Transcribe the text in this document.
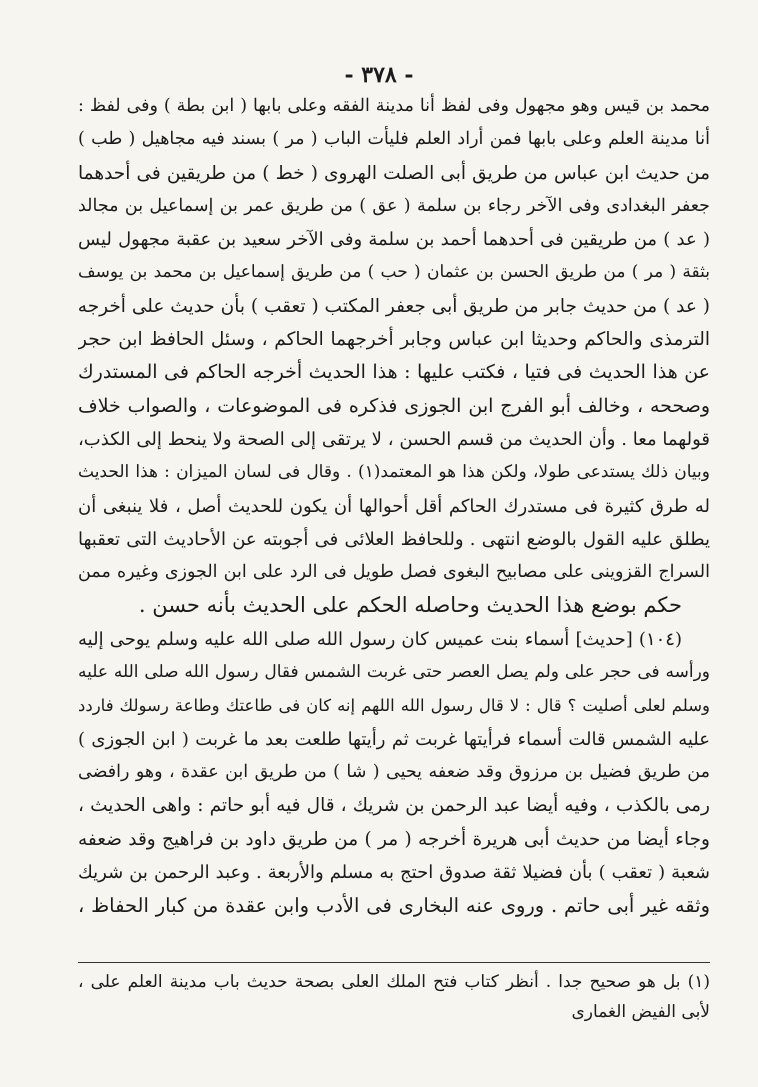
- ٣٧٨ -
محمد بن قيس وهو مجهول وفى لفظ أنا مدينة الفقه وعلى بابها ( ابن بطة ) وفى لفظ :
أنا مدينة العلم وعلى بابها فمن أراد العلم فليأت الباب ( مر ) بسند فيه مجاهيل ( طب )
من حديث ابن عباس من طريق أبى الصلت الهروى ( خط ) من طريقين فى أحدهما
جعفر البغدادى وفى الآخر رجاء بن سلمة ( عق ) من طريق عمر بن إسماعيل بن مجالد
( عد ) من طريقين فى أحدهما أحمد بن سلمة وفى الآخر سعيد بن عقبة مجهول ليس
بثقة ( مر ) من طريق الحسن بن عثمان ( حب ) من طريق إسماعيل بن محمد بن يوسف
( عد ) من حديث جابر من طريق أبى جعفر المكتب ( تعقب ) بأن حديث على أخرجه
الترمذى والحاكم وحديثا ابن عباس وجابر أخرجهما الحاكم ، وسئل الحافظ ابن حجر
عن هذا الحديث فى فتيا ، فكتب عليها : هذا الحديث أخرجه الحاكم فى المستدرك
وصححه ، وخالف أبو الفرج ابن الجوزى فذكره فى الموضوعات ، والصواب خلاف
قولهما معا . وأن الحديث من قسم الحسن ، لا يرتقى إلى الصحة ولا ينحط إلى الكذب،
وبيان ذلك يستدعى طولا، ولكن هذا هو المعتمد(١) . وقال فى لسان الميزان : هذا الحديث
له طرق كثيرة فى مستدرك الحاكم أقل أحوالها أن يكون للحديث أصل ، فلا ينبغى أن
يطلق عليه القول بالوضع انتهى . وللحافظ العلائى فى أجوبته عن الأحاديث التى تعقبها
السراج القزوينى على مصابيح البغوى فصل طويل فى الرد على ابن الجوزى وغيره ممن
حكم بوضع هذا الحديث وحاصله الحكم على الحديث بأنه حسن .
(١٠٤) [حديث] أسماء بنت عميس كان رسول الله صلى الله عليه وسلم يوحى إليه
ورأسه فى حجر على ولم يصل العصر حتى غربت الشمس فقال رسول الله صلى الله عليه
وسلم لعلى أصليت ؟ قال : لا قال رسول الله اللهم إنه كان فى طاعتك وطاعة رسولك فاردد
عليه الشمس قالت أسماء فرأيتها غربت ثم رأيتها طلعت بعد ما غربت ( ابن الجوزى )
من طريق فضيل بن مرزوق وقد ضعفه يحيى ( شا ) من طريق ابن عقدة ، وهو رافضى
رمى بالكذب ، وفيه أيضا عبد الرحمن بن شريك ، قال فيه أبو حاتم : واهى الحديث ،
وجاء أيضا من حديث أبى هريرة أخرجه ( مر ) من طريق داود بن فراهيج وقد ضعفه
شعبة ( تعقب ) بأن فضيلا ثقة صدوق احتج به مسلم والأربعة . وعبد الرحمن بن شريك
وثقه غير أبى حاتم . وروى عنه البخارى فى الأدب وابن عقدة من كبار الحفاظ ،
(١) بل هو صحيح جدا . أنظر كتاب فتح الملك العلى بصحة حديث باب مدينة العلم على ،
لأبى الفيض الغمارى
